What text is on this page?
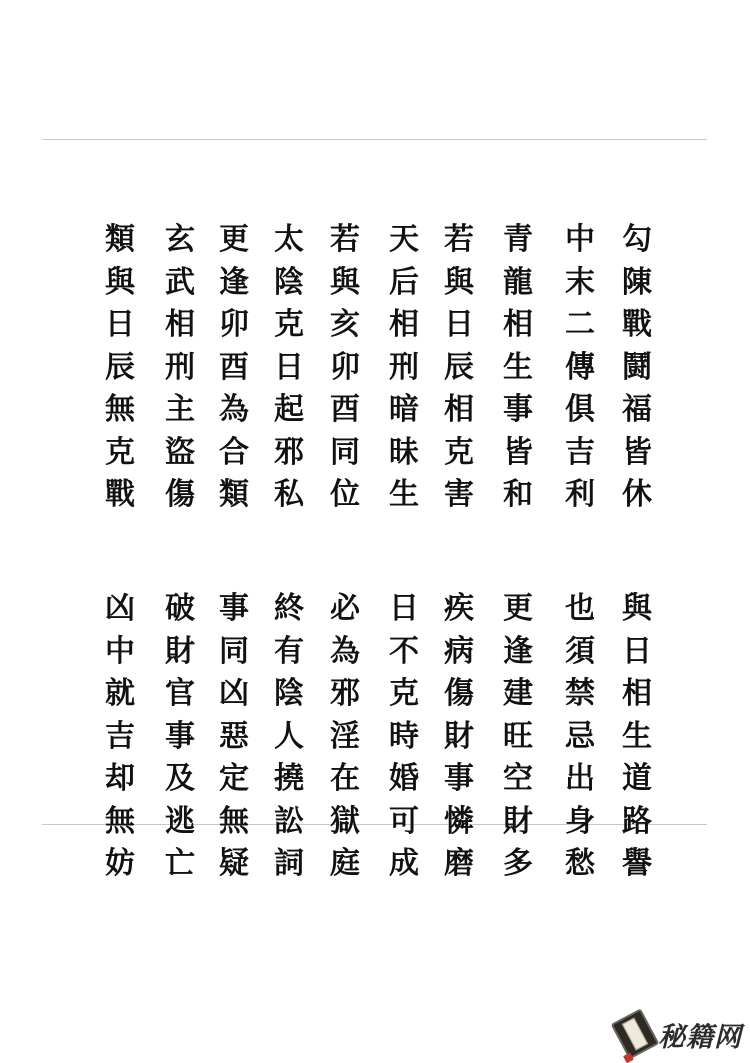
勾
陳
戰
鬪
福
皆
休
中
末
二
傳
俱
吉
利
青
龍
相
生
事
皆
和
若
與
日
辰
相
克
害
天
后
相
刑
暗
昧
生
若
與
亥
卯
酉
同
位
太
陰
克
日
起
邪
私
更
逢
卯
酉
為
合
類
玄
武
相
刑
主
盜
傷
類
與
日
辰
無
克
戰
與
日
相
生
道
路
譽
也
須
禁
忌
出
身
愁
更
逢
建
旺
空
財
多
疾
病
傷
財
事
憐
磨
日
不
克
時
婚
可
成
必
為
邪
淫
在
獄
庭
終
有
陰
人
撓
訟
詞
事
同
凶
惡
定
無
疑
破
財
官
事
及
逃
亡
凶
中
就
吉
却
無
妨
秘籍网
